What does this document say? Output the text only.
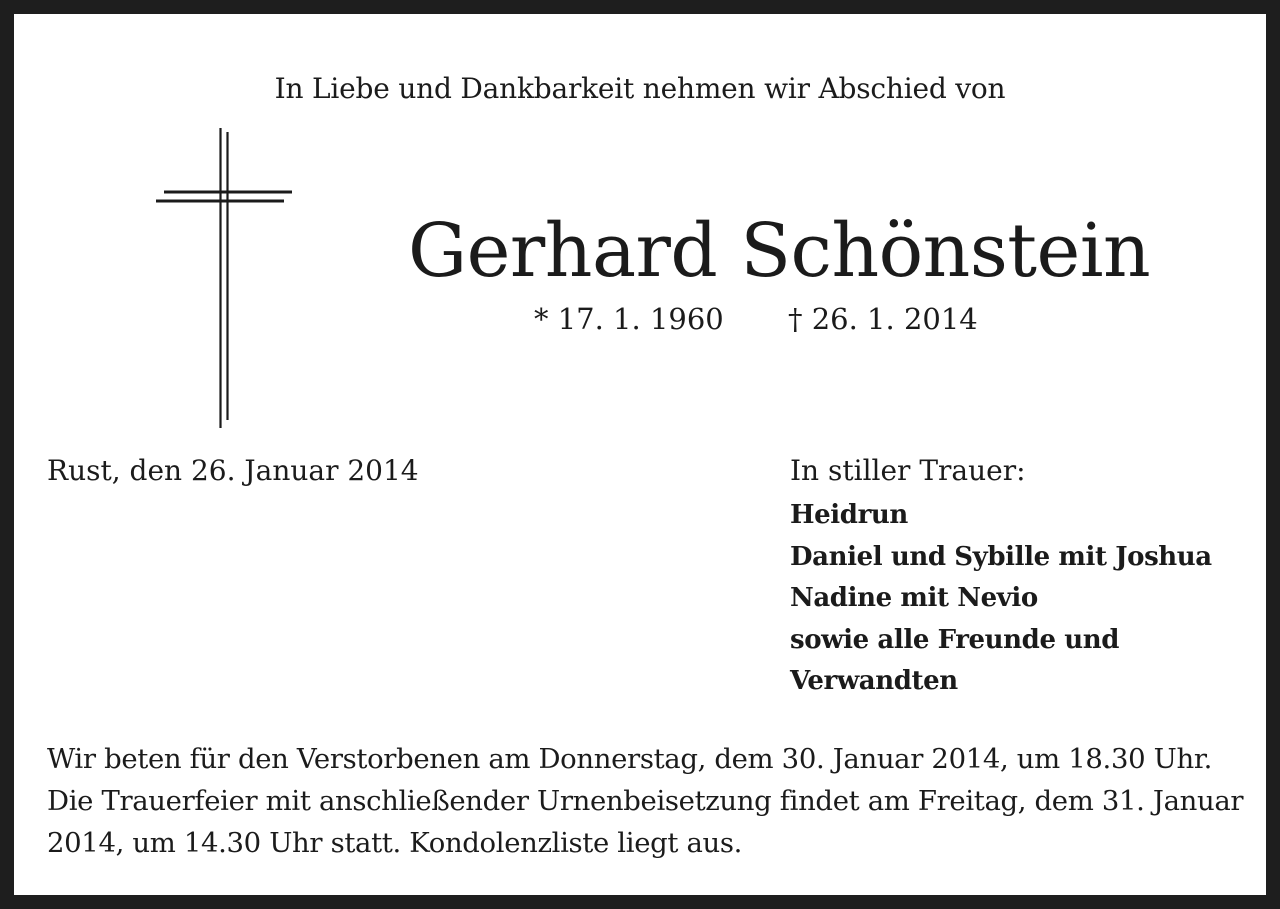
In Liebe und Dankbarkeit nehmen wir Abschied von
Gerhard Schönstein
* 17. 1. 1960 † 26. 1. 2014
Rust, den 26. Januar 2014	In stiller Trauer:
Heidrun
Daniel und Sybille mit Joshua
Nadine mit Nevio
sowie alle Freunde und
Verwandten

Wir beten für den Verstorbenen am Donnerstag, dem 30. Januar 2014, um 18.30 Uhr.

Die Trauerfeier mit anschließender Urnenbeisetzung findet am Freitag, dem 31. Januar

2014, um 14.30 Uhr statt. Kondolenzliste liegt aus.
